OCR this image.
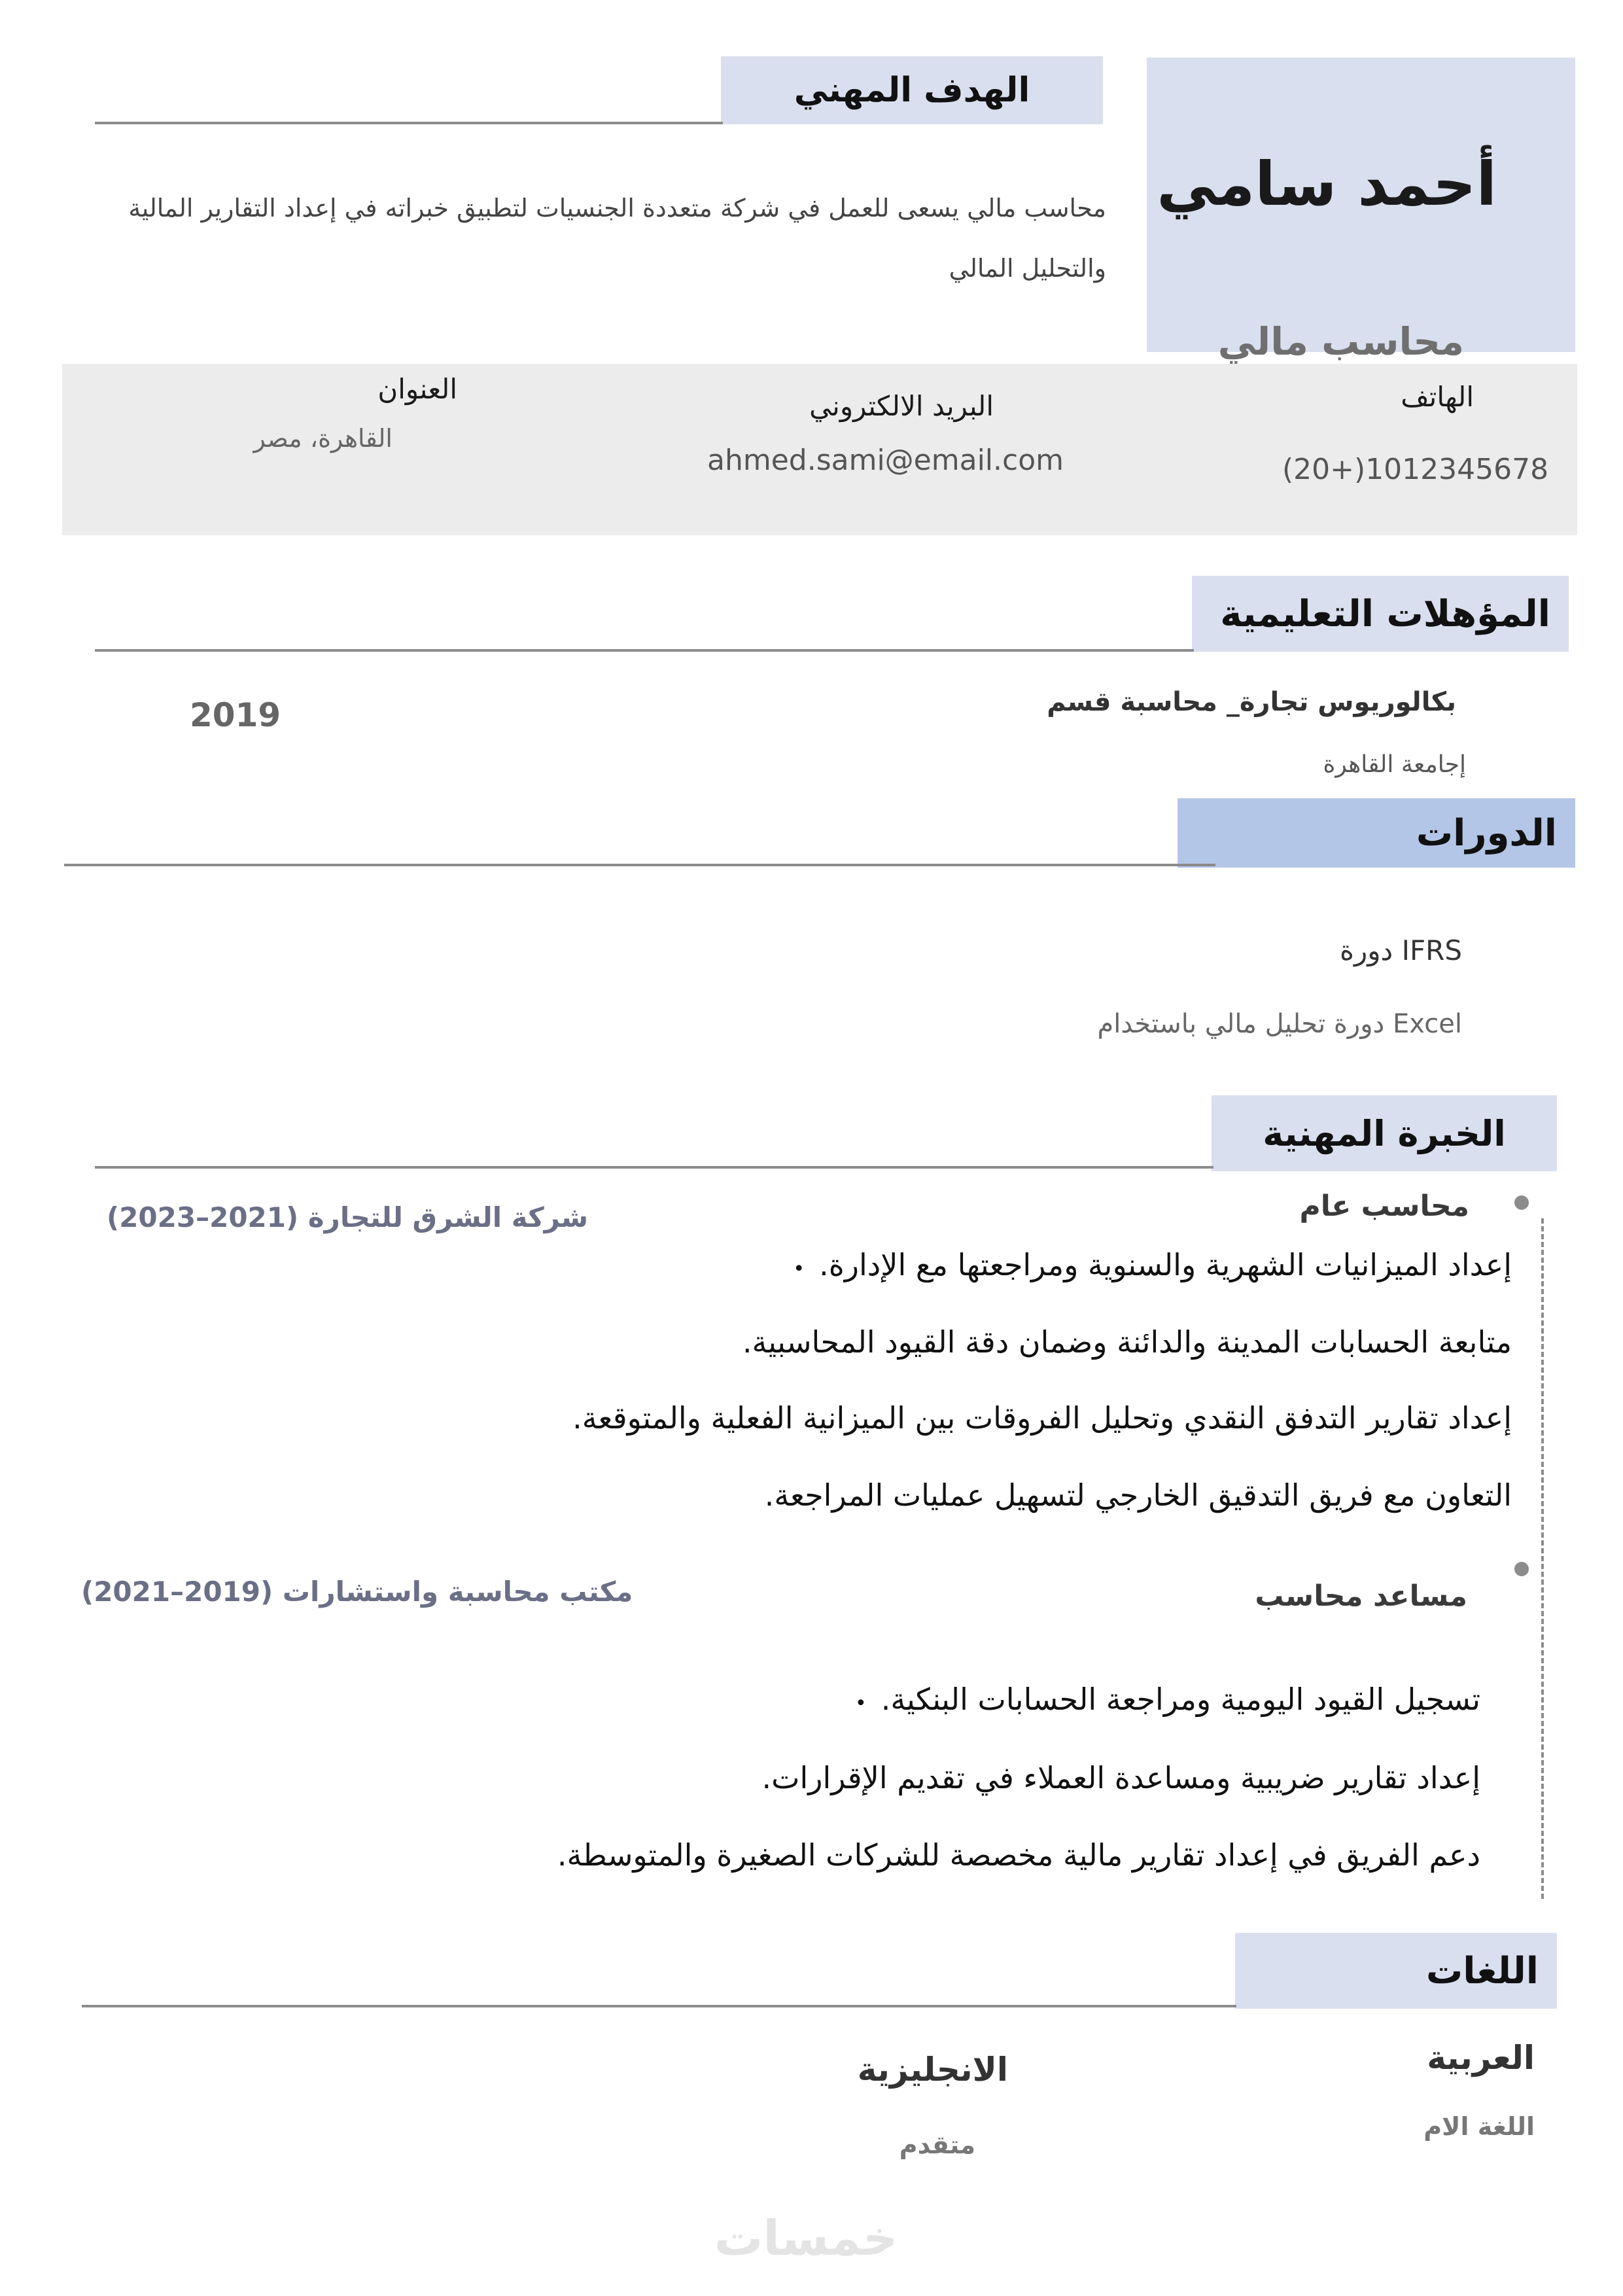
أحمد سامي
محاسب مالي
الهدف المهني
محاسب مالي يسعى للعمل في شركة متعددة الجنسيات لتطبيق خبراته في إعداد التقارير المالية والتحليل المالي
الهاتف
(20+)1012345678
البريد الالكتروني
ahmed.sami@email.com
العنوان
القاهرة، مصر
المؤهلات التعليمية
بكالوريوس تجارة_ محاسبة قسم
2019
إجامعة القاهرة
الدورات
IFRS دورة
Excel دورة تحليل مالي باستخدام
الخبرة المهنية
محاسب عام
شركة الشرق للتجارة (2021–2023)
إعداد الميزانيات الشهرية والسنوية ومراجعتها مع الإدارة.•
متابعة الحسابات المدينة والدائنة وضمان دقة القيود المحاسبية.
إعداد تقارير التدفق النقدي وتحليل الفروقات بين الميزانية الفعلية والمتوقعة.
التعاون مع فريق التدقيق الخارجي لتسهيل عمليات المراجعة.
مساعد محاسب
مكتب محاسبة واستشارات (2019–2021)
تسجيل القيود اليومية ومراجعة الحسابات البنكية.•
إعداد تقارير ضريبية ومساعدة العملاء في تقديم الإقرارات.
دعم الفريق في إعداد تقارير مالية مخصصة للشركات الصغيرة والمتوسطة.
اللغات
العربية
اللغة الام
الانجليزية
متقدم
خمسات
